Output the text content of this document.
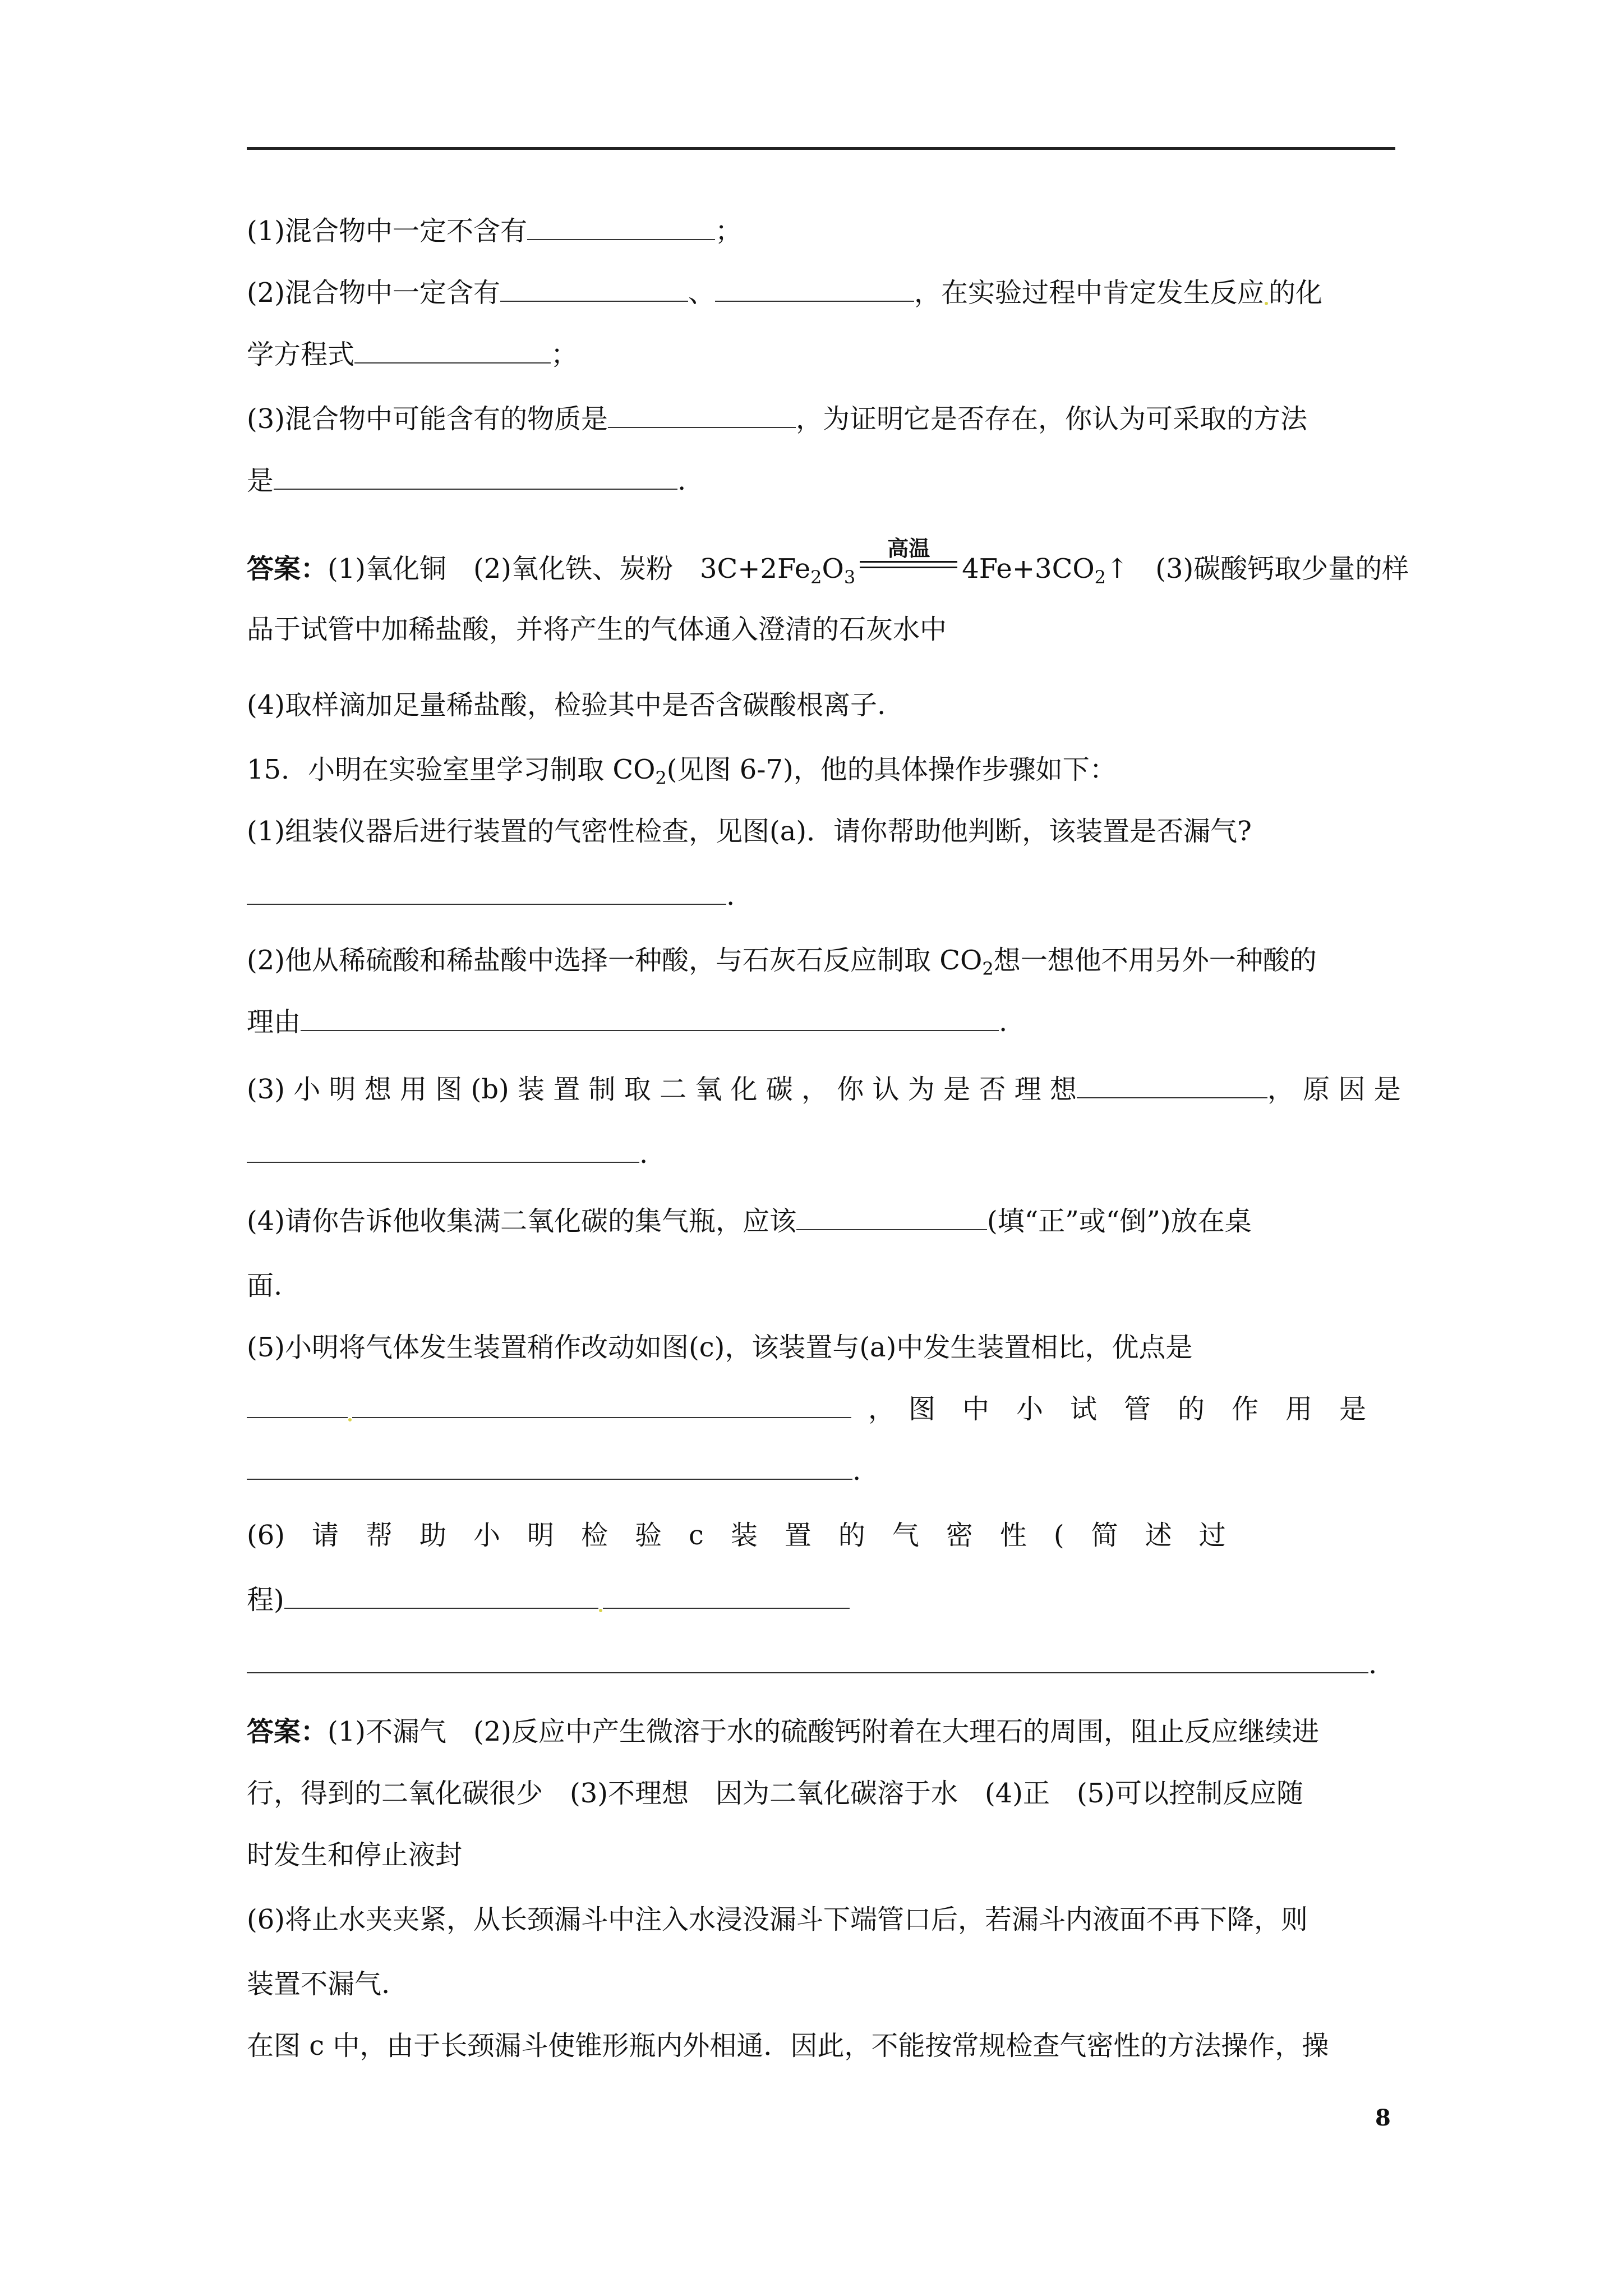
(1)混合物中一定不含有	；
(2)混合物中一定含有	、	，在实验过程中肯定发生反应 的化
学方程式	；
(3)混合物中可能含有的物质是	，为证明它是否存在，你认为可采取的方法
是	.
答案：(1)氧化铜　(2)氧化铁、炭粉　$3C+2Fe_2O_3$
高温
$4Fe+3CO_2↑$　(3)碳酸钙取少量的样
品于试管中加稀盐酸，并将产生的气体通入澄清的石灰水中
(4)取样滴加足量稀盐酸，检验其中是否含碳酸根离子.
15．小明在实验室里学习制取 $CO_2$(见图 6-7)，他的具体操作步骤如下：
(1)组装仪器后进行装置的气密性检查，见图(a)．请你帮助他判断，该装置是否漏气?
.
(2)他从稀硫酸和稀盐酸中选择一种酸，与石灰石反应制取 $CO_2$想一想他不用另外一种酸的
理由	.
(3) 小 明 想 用 图 (b) 装 置 制 取 二 氧 化 碳 ， 你 认 为 是 否 理 想	， 原 因 是
.
(4)请你告诉他收集满二氧化碳的集气瓶，应该	(填“正”或“倒”)放在桌
面.
(5)小明将气体发生装置稍作改动如图(c)，该装置与(a)中发生装置相比，优点是
，　图　中　小　试　管　的　作　用　是
.
(6)　请　帮　助　小　明　检　验　c　装　置　的　气　密　性　(　简　述　过
程)
.
答案：(1)不漏气　(2)反应中产生微溶于水的硫酸钙附着在大理石的周围，阻止反应继续进
行，得到的二氧化碳很少　(3)不理想　因为二氧化碳溶于水　(4)正　(5)可以控制反应随
时发生和停止液封
(6)将止水夹夹紧，从长颈漏斗中注入水浸没漏斗下端管口后，若漏斗内液面不再下降，则
装置不漏气.
在图 c 中，由于长颈漏斗使锥形瓶内外相通．因此，不能按常规检查气密性的方法操作，操
8
